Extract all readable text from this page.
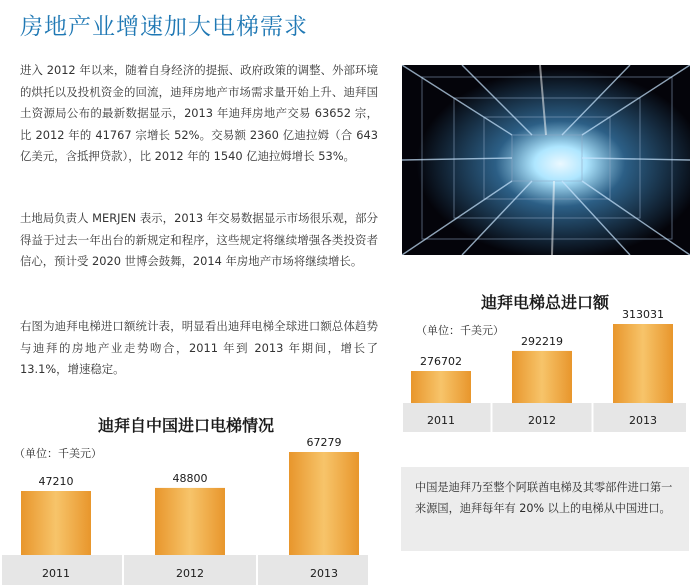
房地产业增速加大电梯需求

进入 2012 年以来，随着自身经济的提振、政府政策的调整、外部环境的烘托以及投机资金的回流，迪拜房地产市场需求量开始上升、迪拜国土资源局公布的最新数据显示，2013 年迪拜房地产交易 63652 宗，比 2012 年的 41767 宗增长 52%。交易额 2360 亿迪拉姆（合 643 亿美元，含抵押贷款），比 2012 年的 1540 亿迪拉姆增长 53%。

土地局负责人 MERJEN 表示，2013 年交易数据显示市场很乐观，部分得益于过去一年出台的新规定和程序，这些规定将继续增强各类投资者信心，预计受 2020 世博会鼓舞，2014 年房地产市场将继续增长。

右图为迪拜电梯进口额统计表，明显看出迪拜电梯全球进口额总体趋势与迪拜的房地产业走势吻合，2011 年到 2013 年期间，增长了 13.1%，增速稳定。

迪拜电梯总进口额
（单位：千美元）
276702
2011
292219
2012
313031
2013
迪拜自中国进口电梯情况
（单位：千美元）
47210
2011
48800
2012
67279
2013

中国是迪拜乃至整个阿联酋电梯及其零部件进口第一来源国，迪拜每年有 20% 以上的电梯从中国进口。
